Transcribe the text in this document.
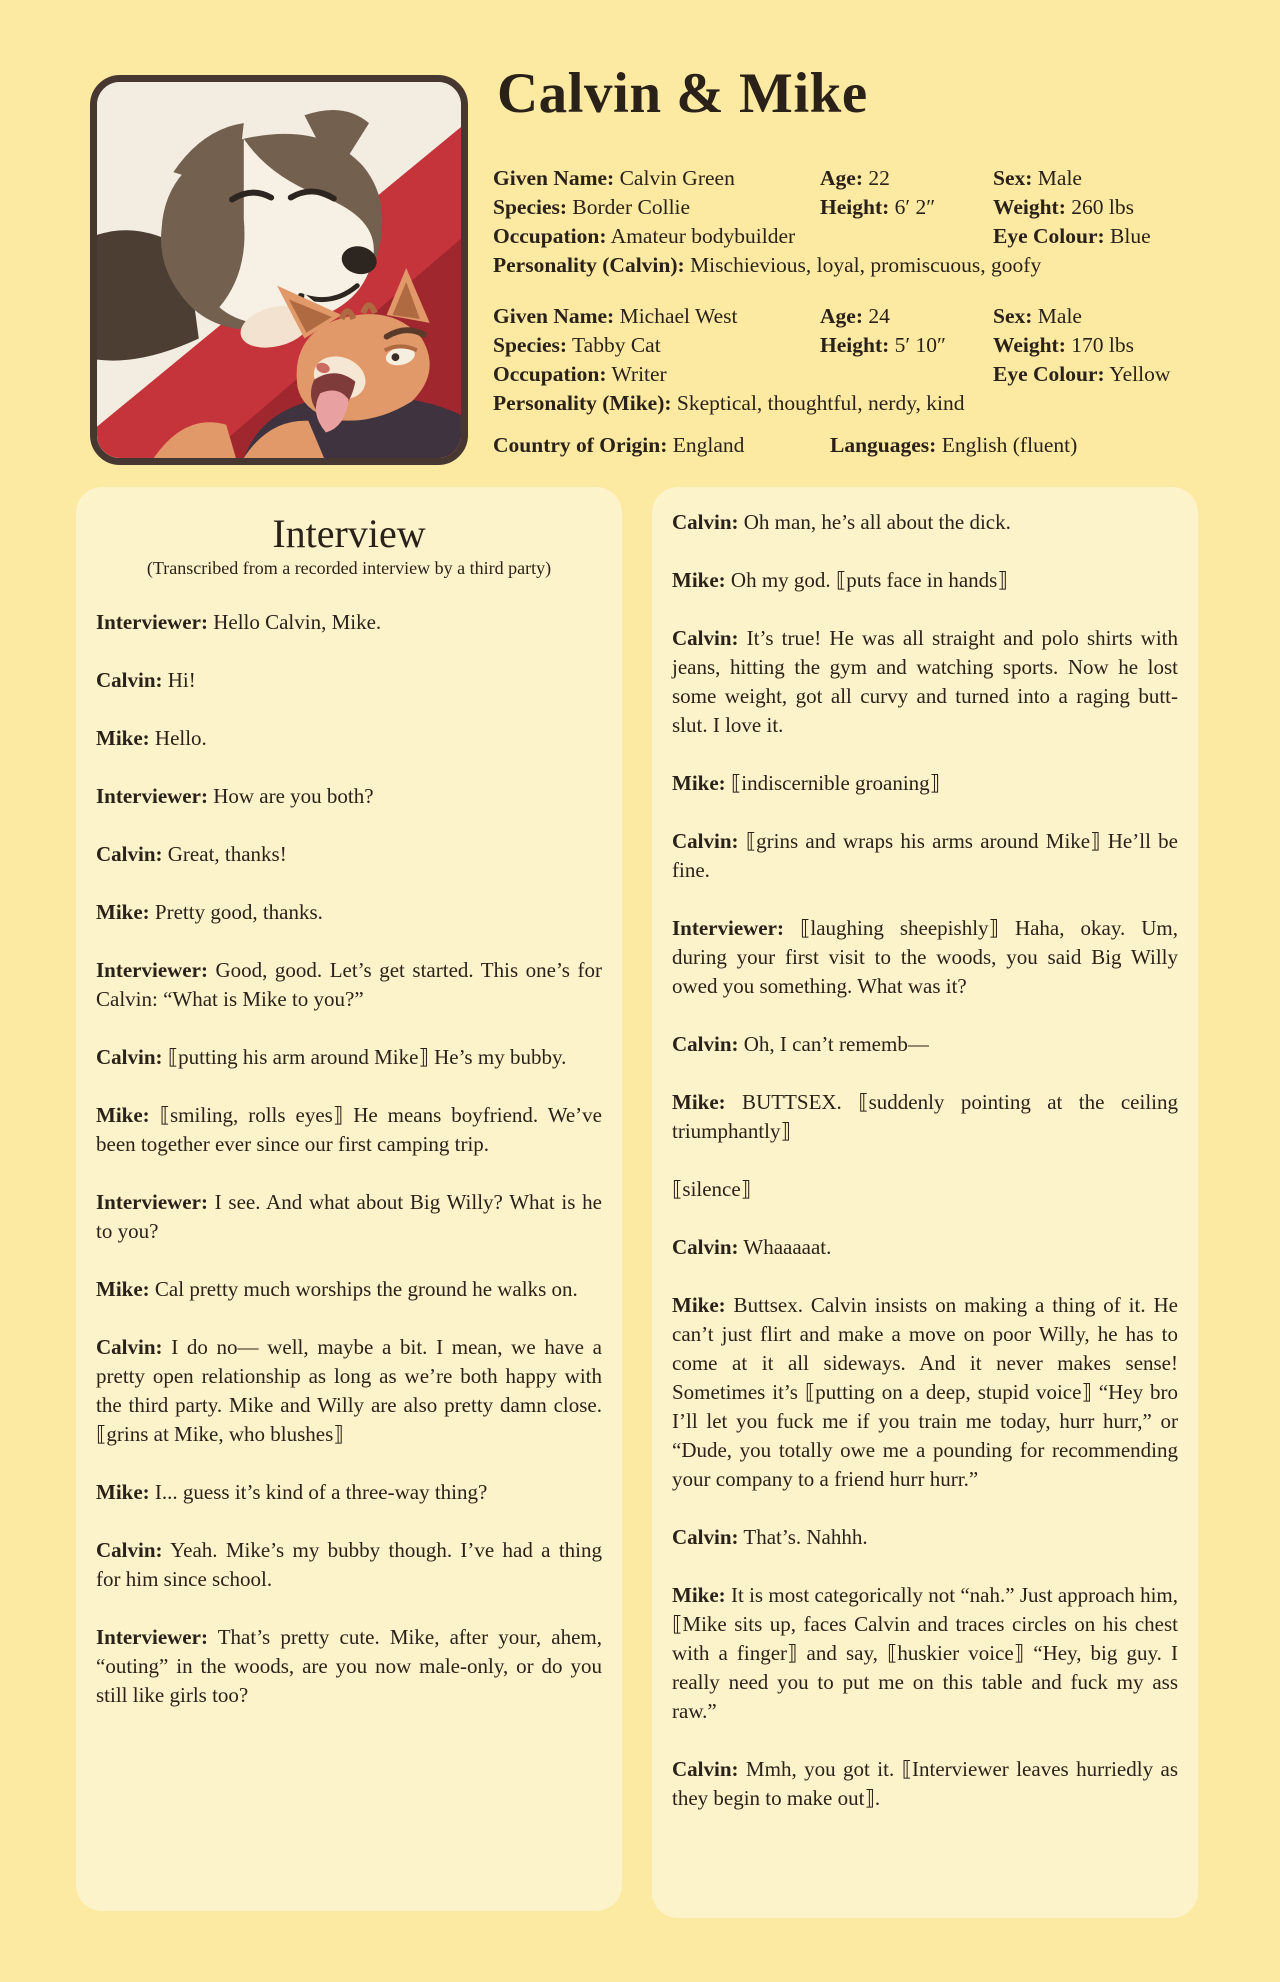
Calvin & Mike
Given Name: Calvin Green	Age: 22	Sex: Male
Species: Border Collie	Height: 6′ 2″	Weight: 260 lbs
Occupation: Amateur bodybuilder	Eye Colour: Blue
Personality (Calvin): Mischievious, loyal, promiscuous, goofy
Given Name: Michael West	Age: 24	Sex: Male
Species: Tabby Cat	Height: 5′ 10″ Weight: 170 lbs
Occupation: Writer	Eye Colour: Yellow
Personality (Mike): Skeptical, thoughtful, nerdy, kind
Country of Origin: England	Languages: English (fluent)
Interview

(Transcribed from a recorded interview by a third party)

Interviewer: Hello Calvin, Mike.

Calvin: Hi!

Mike: Hello.

Interviewer: How are you both?

Calvin: Great, thanks!

Mike: Pretty good, thanks.

Interviewer: Good, good. Let’s get started. This one’s for Calvin: “What is Mike to you?”

Calvin: ⟦putting his arm around Mike⟧ He’s my bubby.

Mike: ⟦smiling, rolls eyes⟧ He means boyfriend. We’ve been together ever since our first camping trip.

Interviewer: I see. And what about Big Willy? What is he to you?

Mike: Cal pretty much worships the ground he walks on.

Calvin: I do no— well, maybe a bit. I mean, we have a pretty open relationship as long as we’re both happy with the third party. Mike and Willy are also pretty damn close. ⟦grins at Mike, who blushes⟧

Mike: I... guess it’s kind of a three-way thing?

Calvin: Yeah. Mike’s my bubby though. I’ve had a thing for him since school.

Interviewer: That’s pretty cute. Mike, after your, ahem, “outing” in the woods, are you now male-only, or do you still like girls too?

Calvin: Oh man, he’s all about the dick.

Mike: Oh my god. ⟦puts face in hands⟧

Calvin: It’s true! He was all straight and polo shirts with jeans, hitting the gym and watching sports. Now he lost some weight, got all curvy and turned into a raging butt-slut. I love it.

Mike: ⟦indiscernible groaning⟧

Calvin: ⟦grins and wraps his arms around Mike⟧ He’ll be fine.

Interviewer: ⟦laughing sheepishly⟧ Haha, okay. Um, during your first visit to the woods, you said Big Willy owed you something. What was it?

Calvin: Oh, I can’t rememb—

Mike: BUTTSEX. ⟦suddenly pointing at the ceiling triumphantly⟧

⟦silence⟧

Calvin: Whaaaaat.

Mike: Buttsex. Calvin insists on making a thing of it. He can’t just flirt and make a move on poor Willy, he has to come at it all sideways. And it never makes sense! Sometimes it’s ⟦putting on a deep, stupid voice⟧ “Hey bro I’ll let you fuck me if you train me today, hurr hurr,” or “Dude, you totally owe me a pounding for recommending your company to a friend hurr hurr.”

Calvin: That’s. Nahhh.

Mike: It is most categorically not “nah.” Just approach him, ⟦Mike sits up, faces Calvin and traces circles on his chest with a finger⟧ and say, ⟦huskier voice⟧ “Hey, big guy. I really need you to put me on this table and fuck my ass raw.”

Calvin: Mmh, you got it. ⟦Interviewer leaves hurriedly as they begin to make out⟧.
